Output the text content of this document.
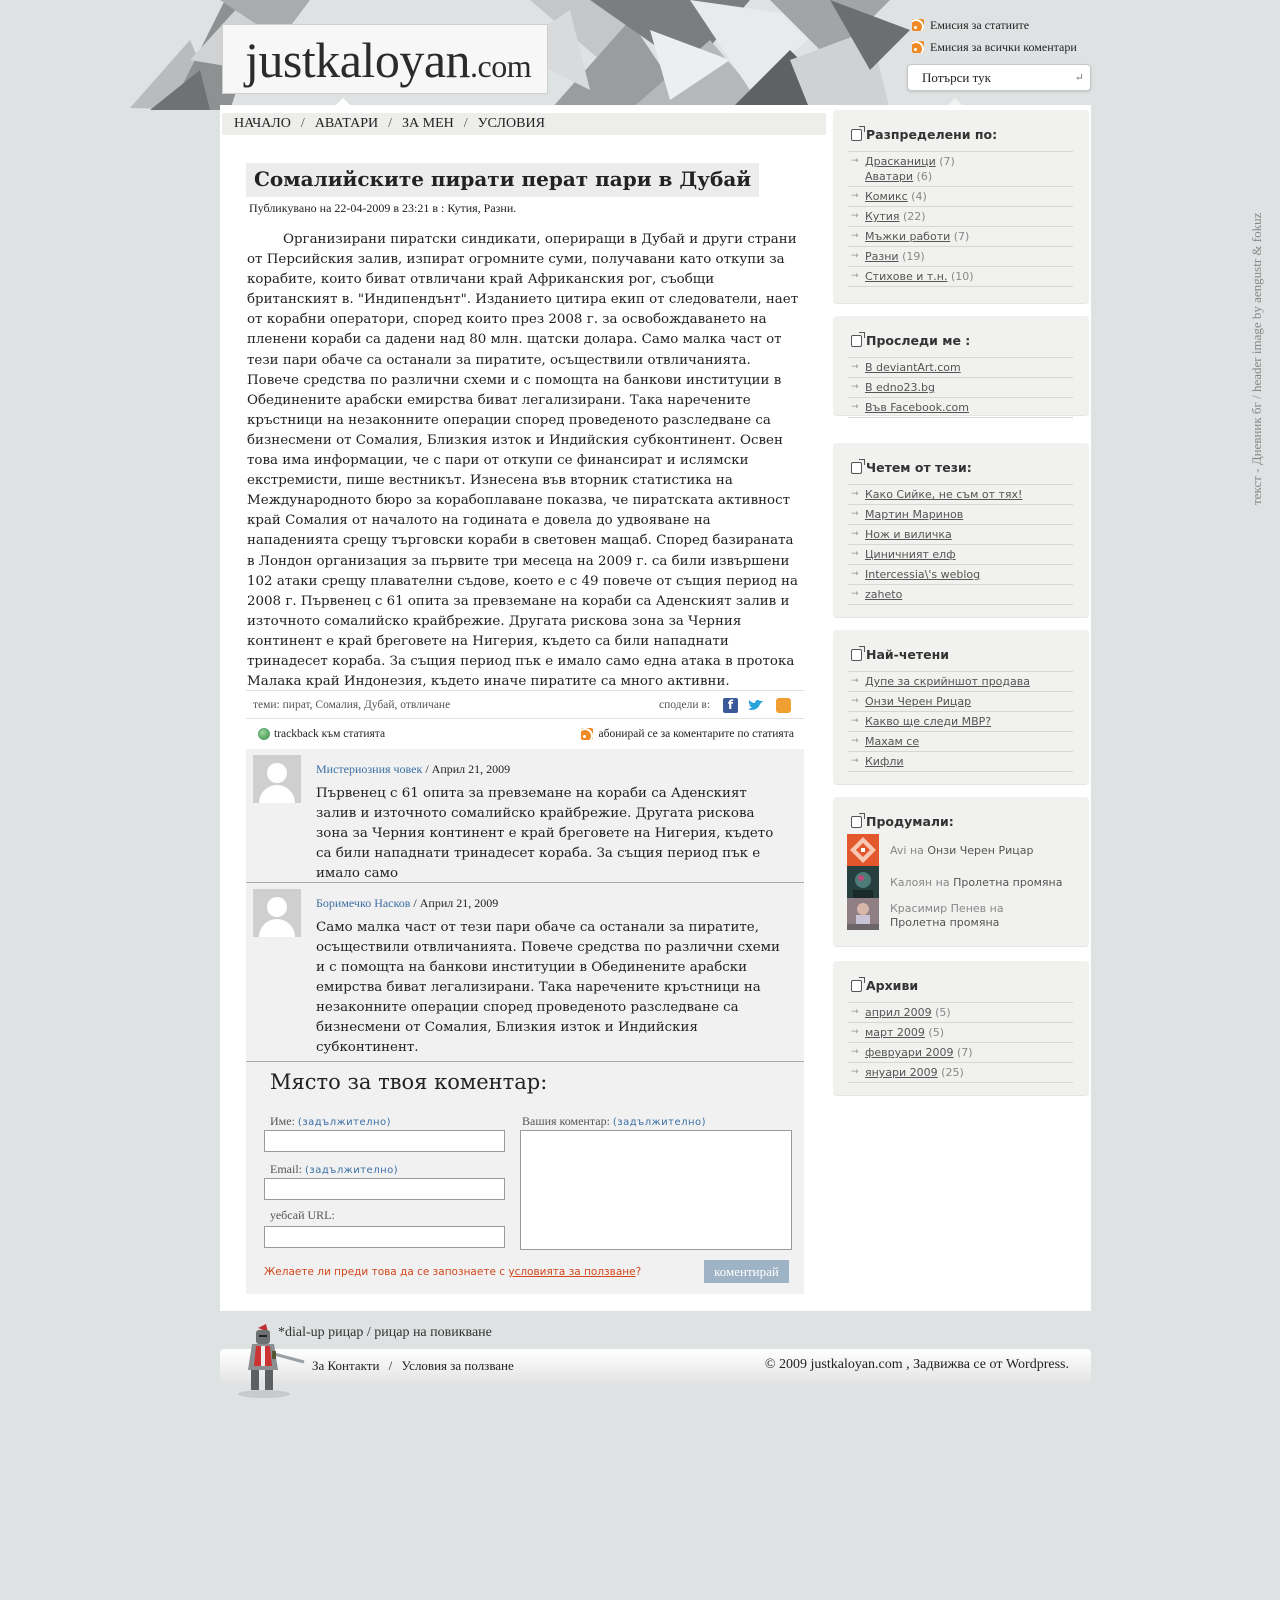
justkaloyan.com
Емисия за статиите
Емисия за всички коментари
Потърси тук
↵
НАЧАЛО / АВАТАРИ / ЗА МЕН / УСЛОВИЯ
Сомалийските пирати перат пари в Дубай
Публикувано на 22-04-2009 в 23:21 в : Кутия, Разни.

Организирани пиратски синдикати, опериращи в Дубай и други страни от Персийския залив, изпират огромните суми, получавани като откупи за корабите, които биват отвличани край Африканския рог, съобщи британският в. "Индипендънт". Изданието цитира екип от следователи, нает от корабни оператори, според които през 2008 г. за освобождаването на пленени кораби са дадени над 80 млн. щатски долара. Само малка част от тези пари обаче са останали за пиратите, осъществили отвличанията. Повече средства по различни схеми и с помощта на банкови институции в Обединените арабски емирства биват легализирани. Така наречените кръстници на незаконните операции според проведеното разследване са бизнесмени от Сомалия, Близкия изток и Индийския субконтинент. Освен това има информации, че с пари от откупи се финансират и ислямски екстремисти, пише вестникът. Изнесена във вторник статистика на Международното бюро за корабоплаване показва, че пиратската активност край Сомалия от началото на годината е довела до удвояване на нападенията срещу търговски кораби в световен мащаб. Според базираната в Лондон организация за първите три месеца на 2009 г. са били извършени 102 атаки срещу плавателни съдове, което е с 49 повече от същия период на 2008 г. Първенец с 61 опита за превземане на кораби са Аденският залив и източното сомалийско крайбрежие. Другата рискова зона за Черния континент е край бреговете на Нигерия, където са били нападнати тринадесет кораба. За същия период пък е имало само една атака в протока Малака край Индонезия, където иначе пиратите са много активни.

теми: пират, Сомалия, Дубай, отвличане	сподели в:	f
trackback към статията	абонирай се за коментарите по статията
Мистериозния човек / Април 21, 2009
Първенец с 61 опита за превземане на кораби са Аденският залив и източното сомалийско крайбрежие. Другата рискова зона за Черния континент е край бреговете на Нигерия, където са били нападнати тринадесет кораба. За същия период пък е имало само
Боримечко Насков / Април 21, 2009
Само малка част от тези пари обаче са останали за пиратите, осъществили отвличанията. Повече средства по различни схеми и с помощта на банкови институции в Обединените арабски емирства биват легализирани. Така наречените кръстници на незаконните операции според проведеното разследване са бизнесмени от Сомалия, Близкия изток и Индийския субконтинент.
Място за твоя коментар:
Име: (задължително)
Email: (задължително)
уебсай URL:
Вашия коментар: (задължително)
Желаете ли преди това да се запознаете с условията за ползване?	коментирай
Разпределени по:
→ Драсканици (7)
Аватари (6)
→ Комикс (4)
→ Кутия (22)
→ Мъжки работи (7)
→ Разни (19)
→ Стихове и т.н. (10)
Проследи ме :
→ В deviantArt.com
→ В edno23.bg
→ Във Facebook.com
Четем от тези:
→ Како Сийке, не съм от тях!
→ Мартин Маринов
→ Нож и виличка
→ Циничният елф
→ Intercessia\'s weblog
→ zaheto
Най-четени
→ Дупе за скрийншот продава
→ Онзи Черен Рицар
→ Какво ще следи МВР?
→ Махам се
→ Кифли
Продумали:
Avi на Онзи Черен Рицар
Калоян на Пролетна промяна
Красимир Пенев на
Пролетна промяна
Архиви
→ април 2009 (5)
→ март 2009 (5)
→ февруари 2009 (7)
→ януари 2009 (25)
текст - Дневник бг / header image by aengustr & fokuz
*dial-up рицар / рицар на повикване
За Контакти / Условия за ползване	© 2009 justkaloyan.com , Задвижва се от Wordpress.
